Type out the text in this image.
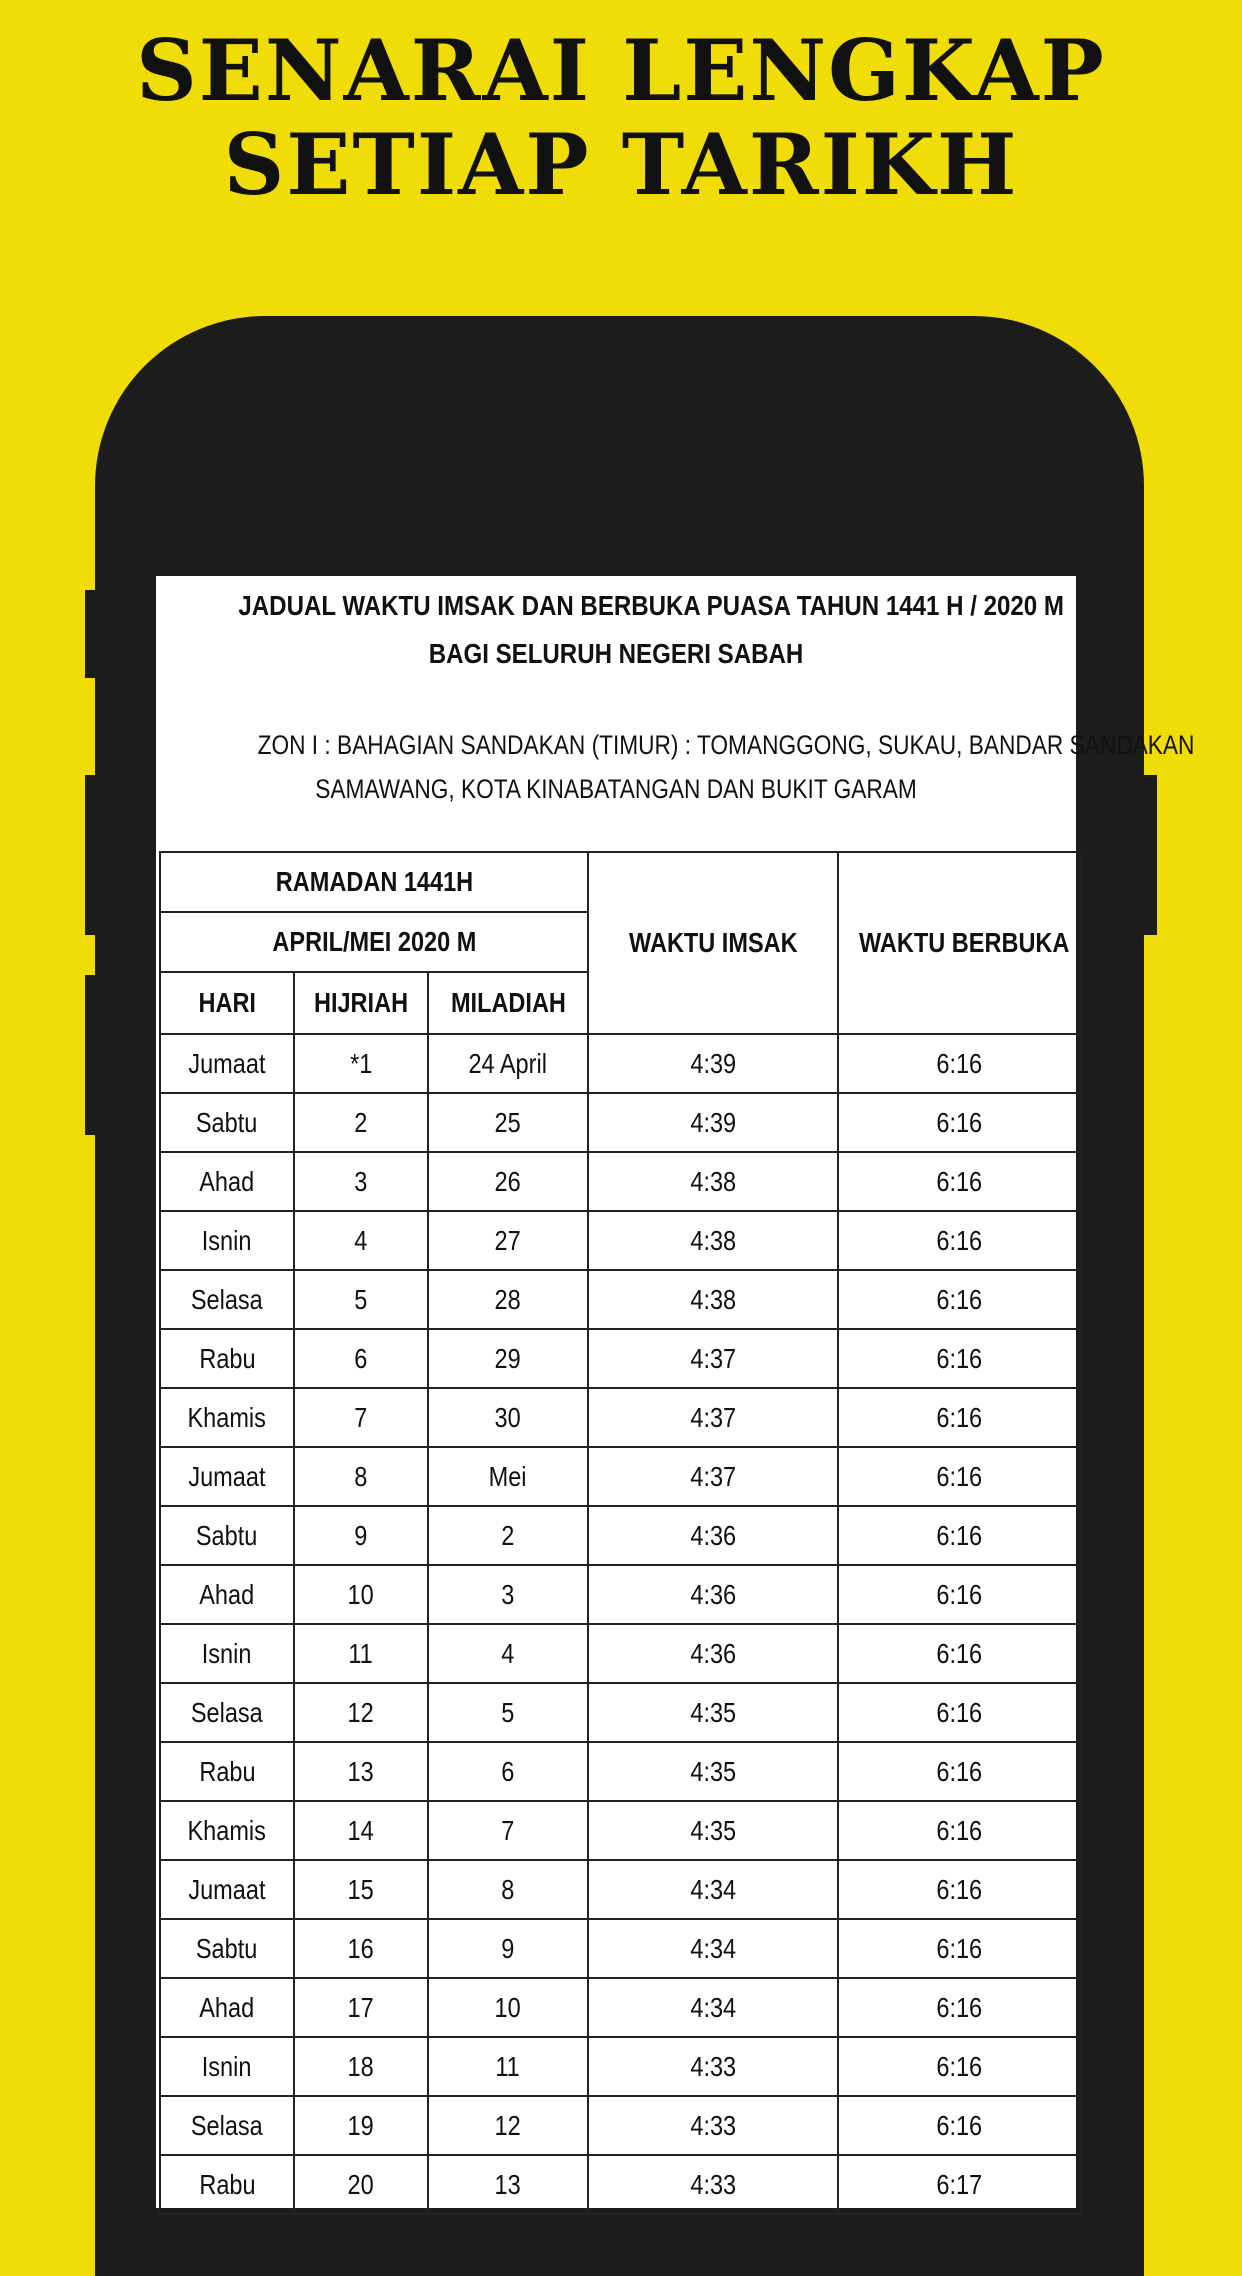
SENARAI LENGKAP
SETIAP TARIKH
JADUAL WAKTU IMSAK DAN BERBUKA PUASA TAHUN 1441 H / 2020 M
BAGI SELURUH NEGERI SABAH
ZON I : BAHAGIAN SANDAKAN (TIMUR) : TOMANGGONG, SUKAU, BANDAR SANDAKAN
SAMAWANG, KOTA KINABATANGAN DAN BUKIT GARAM
RAMADAN 1441H			WAKTU IMSAK	WAKTU BERBUKA
APRIL/MEI 2020 M				
HARI	HIJRIAH	MILADIAH		
Jumaat	*1	24 April	4:39	6:16
Sabtu	2	25	4:39	6:16
Ahad	3	26	4:38	6:16
Isnin	4	27	4:38	6:16
Selasa	5	28	4:38	6:16
Rabu	6	29	4:37	6:16
Khamis	7	30	4:37	6:16
Jumaat	8	Mei	4:37	6:16
Sabtu	9	2	4:36	6:16
Ahad	10	3	4:36	6:16
Isnin	11	4	4:36	6:16
Selasa	12	5	4:35	6:16
Rabu	13	6	4:35	6:16
Khamis	14	7	4:35	6:16
Jumaat	15	8	4:34	6:16
Sabtu	16	9	4:34	6:16
Ahad	17	10	4:34	6:16
Isnin	18	11	4:33	6:16
Selasa	19	12	4:33	6:16
Rabu	20	13	4:33	6:17
